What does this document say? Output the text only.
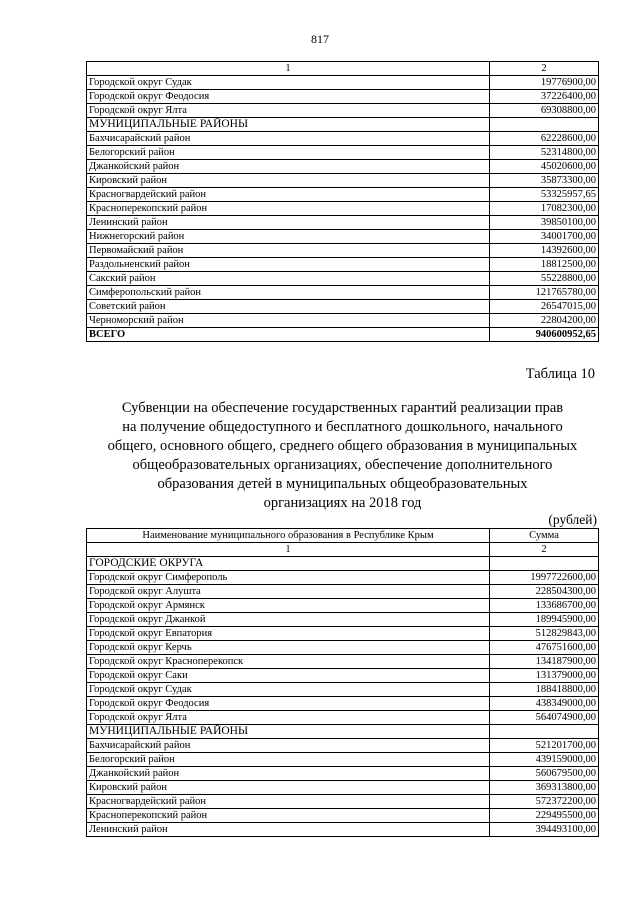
817
1	2
Городской округ Судак	19776900,00
Городской округ Феодосия	37226400,00
Городской округ Ялта	69308800,00
МУНИЦИПАЛЬНЫЕ РАЙОНЫ	
Бахчисарайский район	62228600,00
Белогорский район	52314800,00
Джанкойский район	45020600,00
Кировский район	35873300,00
Красногвардейский район	53325957,65
Красноперекопский район	17082300,00
Ленинский район	39850100,00
Нижнегорский район	34001700,00
Первомайский район	14392600,00
Раздольненский район	18812500,00
Сакский район	55228800,00
Симферопольский район	121765780,00
Советский район	26547015,00
Черноморский район	22804200,00
ВСЕГО	940600952,65
Таблица 10
Субвенции на обеспечение государственных гарантий реализации прав
на получение общедоступного и бесплатного дошкольного, начального
общего, основного общего, среднего общего образования в муниципальных
общеобразовательных организациях, обеспечение дополнительного
образования детей в муниципальных общеобразовательных
организациях на 2018 год
(рублей)
Наименование муниципального образования в Республике Крым	Сумма
1	2
ГОРОДСКИЕ ОКРУГА	
Городской округ Симферополь	1997722600,00
Городской округ Алушта	228504300,00
Городской округ Армянск	133686700,00
Городской округ Джанкой	189945900,00
Городской округ Евпатория	512829843,00
Городской округ Керчь	476751600,00
Городской округ Красноперекопск	134187900,00
Городской округ Саки	131379000,00
Городской округ Судак	188418800,00
Городской округ Феодосия	438349000,00
Городской округ Ялта	564074900,00
МУНИЦИПАЛЬНЫЕ РАЙОНЫ	
Бахчисарайский район	521201700,00
Белогорский район	439159000,00
Джанкойский район	560679500,00
Кировский район	369313800,00
Красногвардейский район	572372200,00
Красноперекопский район	229495500,00
Ленинский район	394493100,00
